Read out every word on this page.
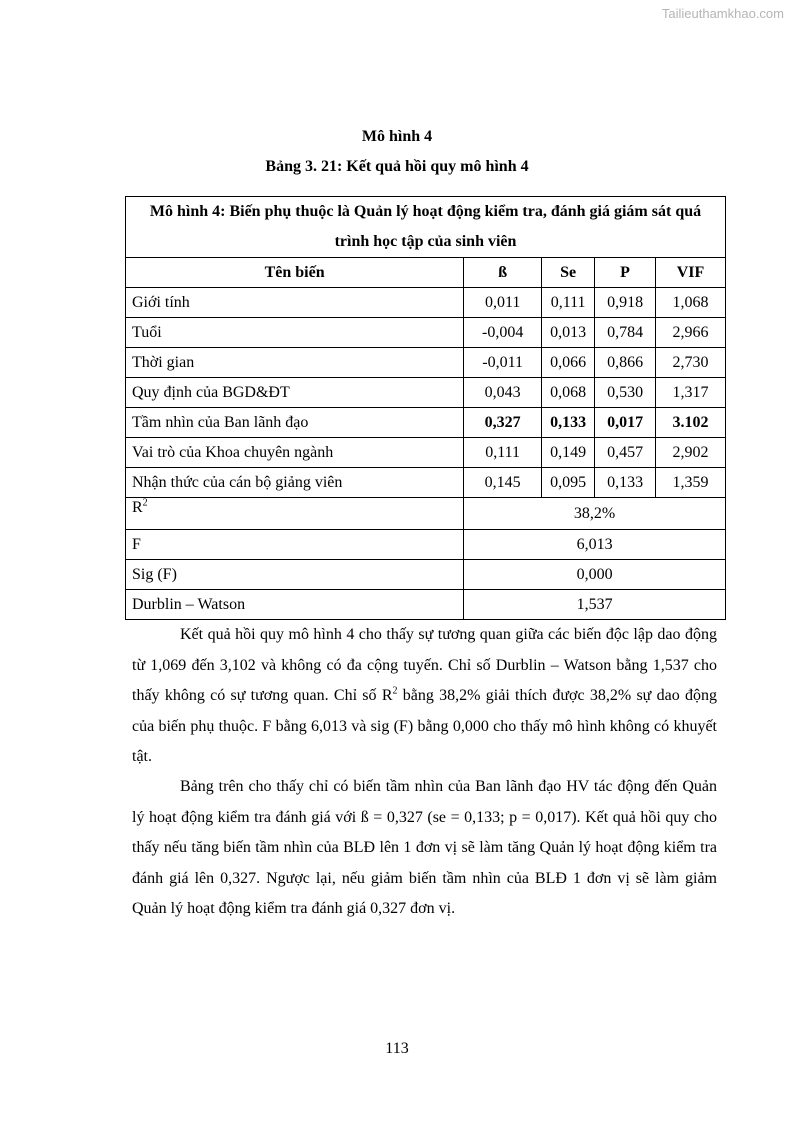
Tailieuthamkhao.com
Mô hình 4
Bảng 3. 21: Kết quả hồi quy mô hình 4
Mô hình 4: Biến phụ thuộc là Quản lý hoạt động kiểm tra, đánh giá giám sát quá trình học tập của sinh viên				
Tên biến	ß	Se	P	VIF
Giới tính	0,011	0,111	0,918	1,068
Tuổi	-0,004	0,013	0,784	2,966
Thời gian	-0,011	0,066	0,866	2,730
Quy định của BGD&ĐT	0,043	0,068	0,530	1,317
Tầm nhìn của Ban lãnh đạo	0,327	0,133	0,017	3.102
Vai trò của Khoa chuyên ngành	0,111	0,149	0,457	2,902
Nhận thức của cán bộ giảng viên	0,145	0,095	0,133	1,359
$R^2$	38,2%			
F	6,013			
Sig (F)	0,000			
Durblin – Watson	1,537			

Kết quả hồi quy mô hình 4 cho thấy sự tương quan giữa các biến độc lập dao động từ 1,069 đến 3,102 và không có đa cộng tuyến. Chỉ số Durblin – Watson bằng 1,537 cho thấy không có sự tương quan. Chỉ số $R^2$ bằng 38,2% giải thích được 38,2% sự dao động của biến phụ thuộc. F bằng 6,013 và sig (F) bằng 0,000 cho thấy mô hình không có khuyết tật.

Bảng trên cho thấy chỉ có biến tầm nhìn của Ban lãnh đạo HV tác động đến Quản lý hoạt động kiểm tra đánh giá với ß = 0,327 (se = 0,133; p = 0,017). Kết quả hồi quy cho thấy nếu tăng biến tầm nhìn của BLĐ lên 1 đơn vị sẽ làm tăng Quản lý hoạt động kiểm tra đánh giá lên 0,327. Ngược lại, nếu giảm biến tầm nhìn của BLĐ 1 đơn vị sẽ làm giảm Quản lý hoạt động kiểm tra đánh giá 0,327 đơn vị.

113
